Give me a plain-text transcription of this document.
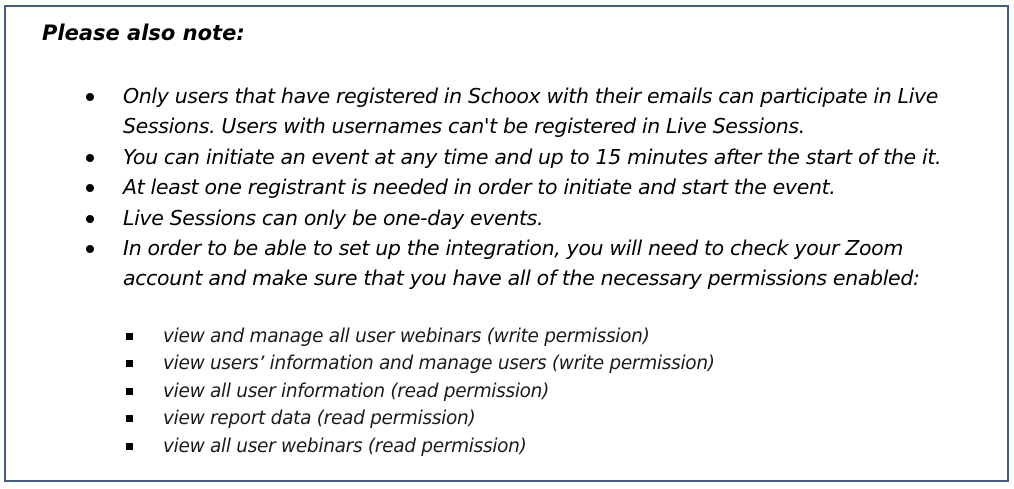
Please also note:
Only users that have registered in Schoox with their emails can participate in Live
Sessions. Users with usernames can't be registered in Live Sessions.
You can initiate an event at any time and up to 15 minutes after the start of the it.
At least one registrant is needed in order to initiate and start the event.
Live Sessions can only be one-day events.
In order to be able to set up the integration, you will need to check your Zoom
account and make sure that you have all of the necessary permissions enabled:
view and manage all user webinars (write permission)
view users’ information and manage users (write permission)
view all user information (read permission)
view report data (read permission)
view all user webinars (read permission)
